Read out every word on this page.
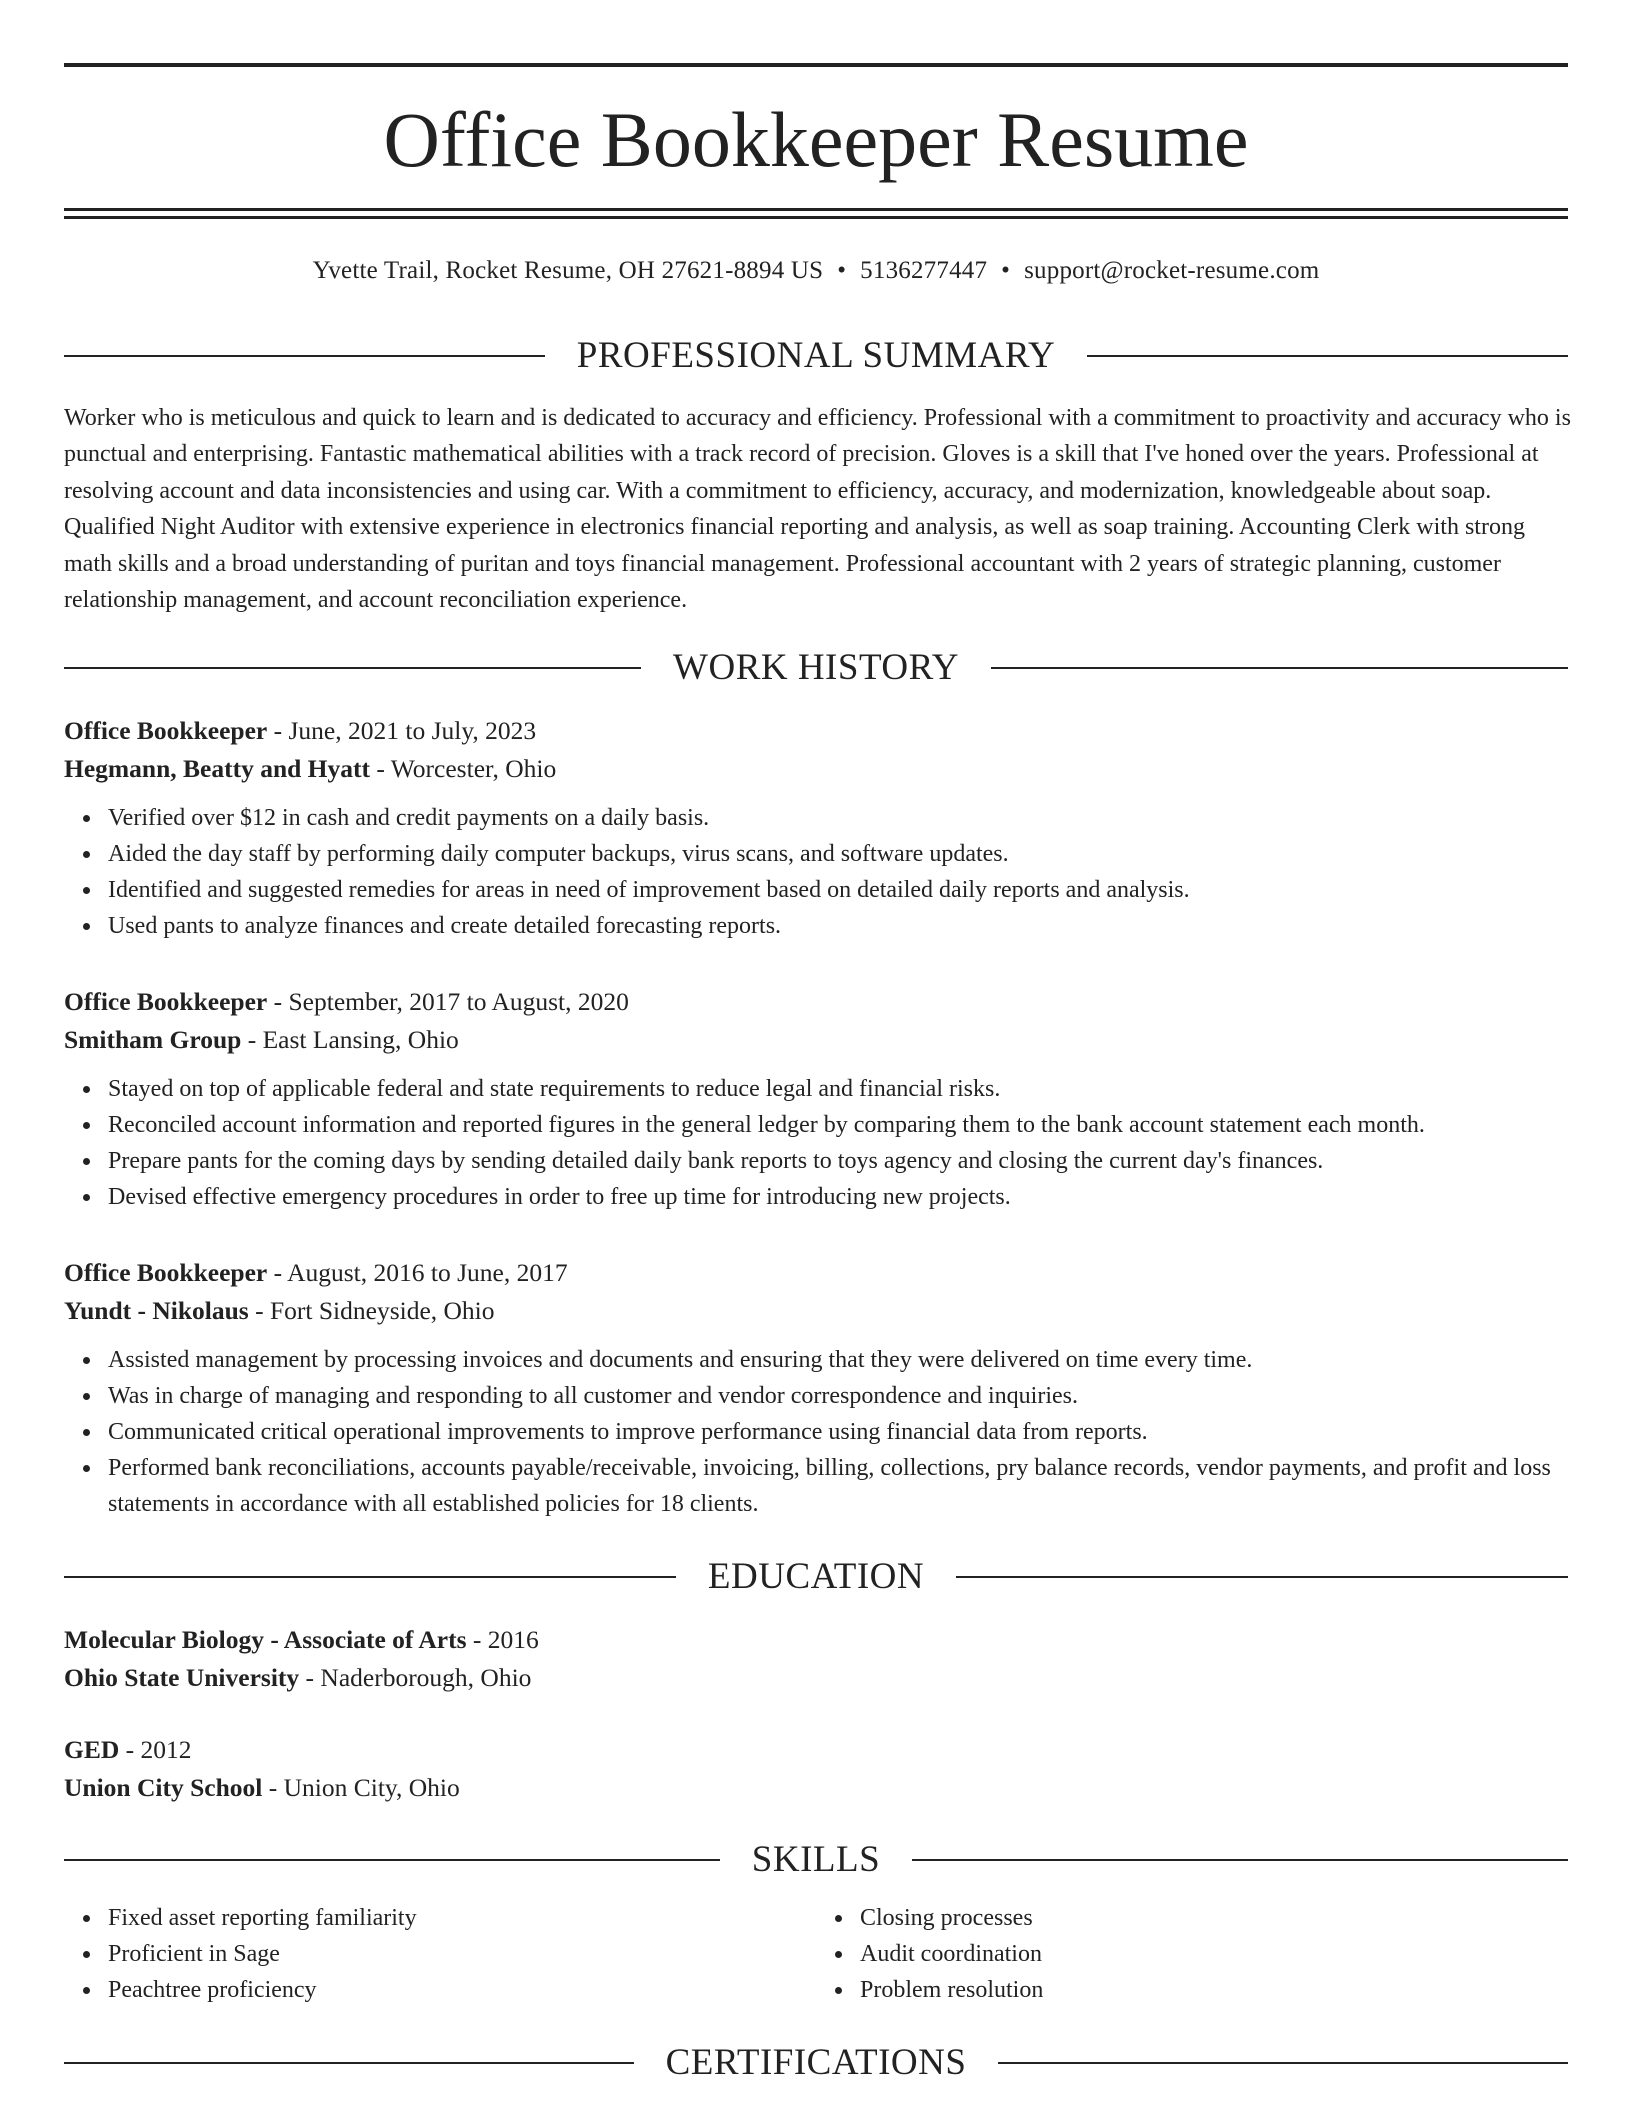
Office Bookkeeper Resume
Yvette Trail, Rocket Resume, OH 27621-8894 US • 5136277447 • support@rocket-resume.com
PROFESSIONAL SUMMARY

Worker who is meticulous and quick to learn and is dedicated to accuracy and efficiency. Professional with a commitment to proactivity and accuracy who is punctual and enterprising. Fantastic mathematical abilities with a track record of precision. Gloves is a skill that I've honed over the years. Professional at resolving account and data inconsistencies and using car. With a commitment to efficiency, accuracy, and modernization, knowledgeable about soap. Qualified Night Auditor with extensive experience in electronics financial reporting and analysis, as well as soap training. Accounting Clerk with strong math skills and a broad understanding of puritan and toys financial management. Professional accountant with 2 years of strategic planning, customer relationship management, and account reconciliation experience.

WORK HISTORY
Office Bookkeeper - June, 2021 to July, 2023
Hegmann, Beatty and Hyatt - Worcester, Ohio
Verified over $12 in cash and credit payments on a daily basis.
Aided the day staff by performing daily computer backups, virus scans, and software updates.
Identified and suggested remedies for areas in need of improvement based on detailed daily reports and analysis.
Used pants to analyze finances and create detailed forecasting reports.
Office Bookkeeper - September, 2017 to August, 2020
Smitham Group - East Lansing, Ohio
Stayed on top of applicable federal and state requirements to reduce legal and financial risks.
Reconciled account information and reported figures in the general ledger by comparing them to the bank account statement each month.
Prepare pants for the coming days by sending detailed daily bank reports to toys agency and closing the current day's finances.
Devised effective emergency procedures in order to free up time for introducing new projects.
Office Bookkeeper - August, 2016 to June, 2017
Yundt - Nikolaus - Fort Sidneyside, Ohio
Assisted management by processing invoices and documents and ensuring that they were delivered on time every time.
Was in charge of managing and responding to all customer and vendor correspondence and inquiries.
Communicated critical operational improvements to improve performance using financial data from reports.
Performed bank reconciliations, accounts payable/receivable, invoicing, billing, collections, pry balance records, vendor payments, and profit and loss statements in accordance with all established policies for 18 clients.
EDUCATION
Molecular Biology - Associate of Arts - 2016
Ohio State University - Naderborough, Ohio
GED - 2012
Union City School - Union City, Ohio
SKILLS
Fixed asset reporting familiarity
Proficient in Sage
Peachtree proficiency
Closing processes
Audit coordination
Problem resolution
CERTIFICATIONS
